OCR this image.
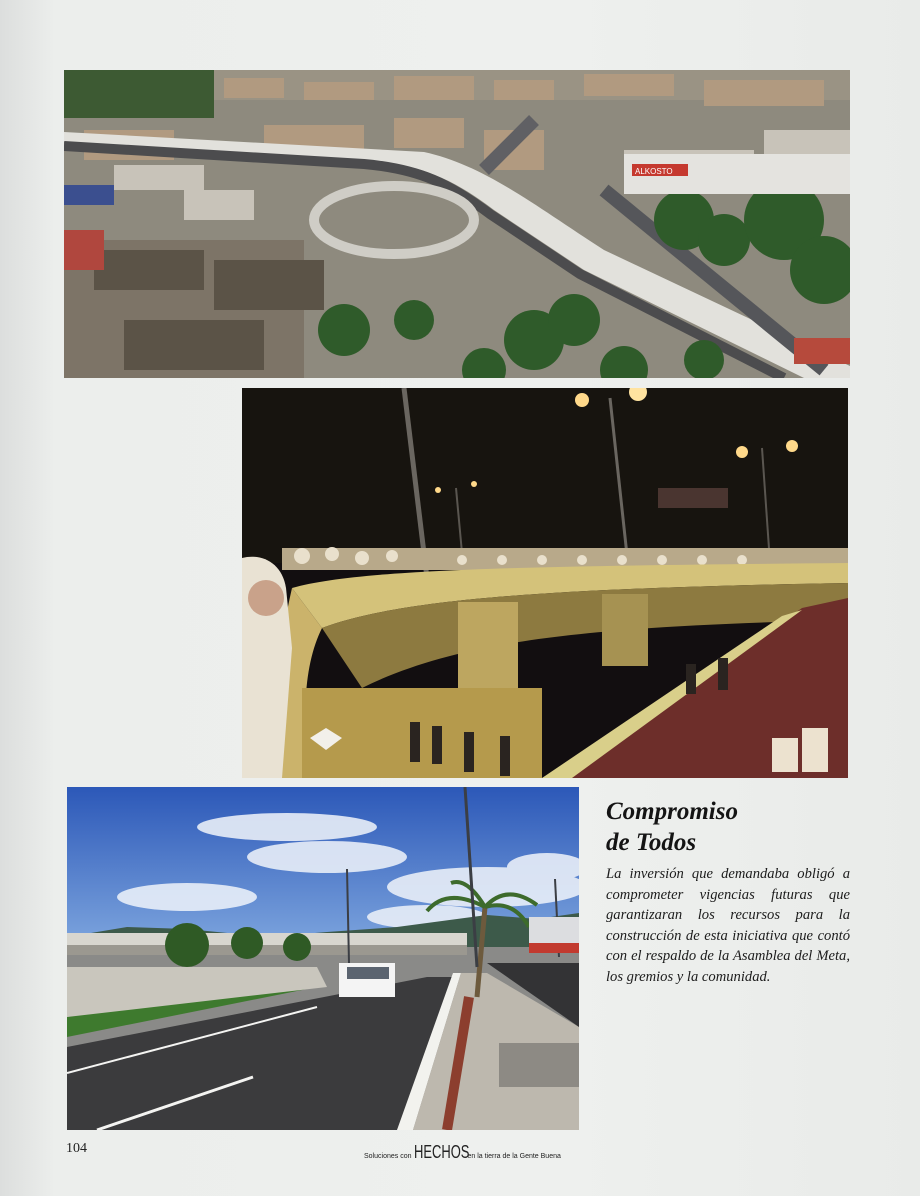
ALKOSTO
Compromiso
de Todos

La inversión que demandaba obligó a comprometer vigencias futuras que garantizaran los recursos para la construcción de esta iniciativa que contó con el respaldo de la Asamblea del Meta, los gremios y la comunidad.

104
Soluciones con HECHOS
en la tierra de la Gente Buena
